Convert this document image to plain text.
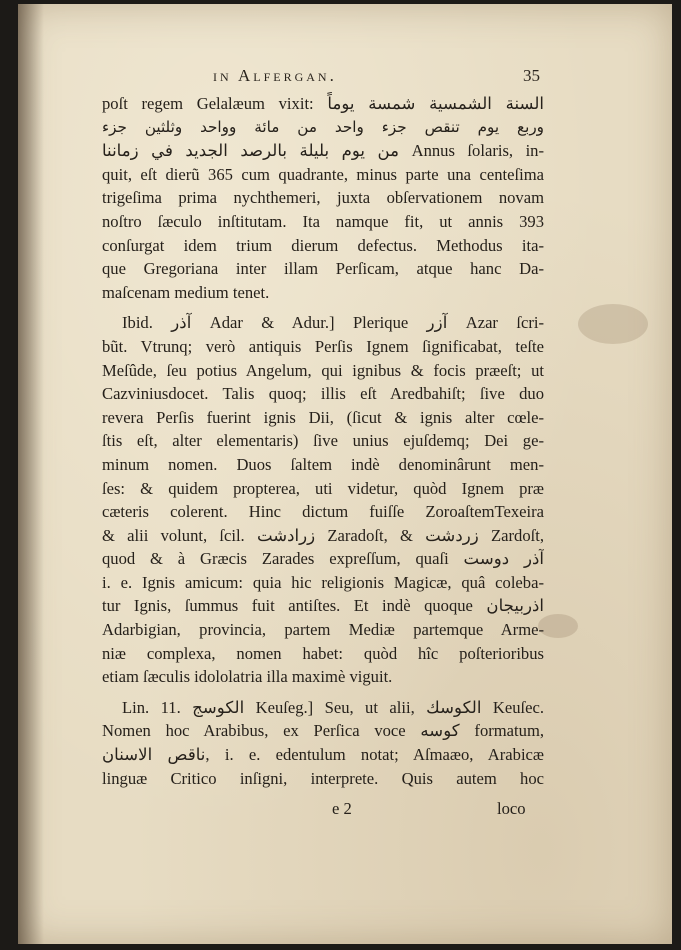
in Alfergan.	35
poſt regem Gelalæum vixit: السنة الشمسية شمسة يوماً
وربع يوم تنقص جزء واحد من مائة وواحد وثلثين جزء
من يوم بليلة بالرصد الجديد في زماننا Annus ſolaris, in-
quit, eſt dierũ 365 cum quadrante, minus parte una centeſima
trigeſima prima nychthemeri, juxta obſervationem novam
noſtro ſæculo inſtitutam. Ita namque fit, ut annis 393
conſurgat idem trium dierum defectus. Methodus ita-
que Gregoriana inter illam Perſicam, atque hanc Da-
maſcenam medium tenet.
Ibid. آذر Adar & Adur.] Plerique آزر Azar ſcri-
bũt. Vtrunq; verò antiquis Perſis Ignem ſignificabat, teſte
Meſûde, ſeu potius Angelum, qui ignibus & focis præeſt; ut
Cazviniusdocet. Talis quoq; illis eſt Aredbahiſt; ſive duo
revera Perſis fuerint ignis Dii, (ſicut & ignis alter cœle-
ſtis eſt, alter elementaris) ſive unius ejuſdemq; Dei ge-
minum nomen. Duos ſaltem indè denominârunt men-
ſes: & quidem propterea, uti videtur, quòd Ignem præ
cæteris colerent. Hinc dictum fuiſſe ZoroaſtemTexeira
& alii volunt, ſcil. زرادشت Zaradoſt, & زردشت Zardoſt,
quod & à Græcis Zarades expreſſum, quaſi آذر دوست
i. e. Ignis amicum: quia hic religionis Magicæ, quâ coleba-
tur Ignis, ſummus fuit antiſtes. Et indè quoque اذربيجان
Adarbigian, provincia, partem Mediæ partemque Arme-
niæ complexa, nomen habet: quòd hîc poſterioribus
etiam ſæculis idololatria illa maximè viguit.
Lin. 11. الكوسج Keuſeg.] Seu, ut alii, الكوسك Keuſec.
Nomen hoc Arabibus, ex Perſica voce كوسه formatum,
ناقص الاسنان, i. e. edentulum notat; Aſmaæo, Arabicæ
linguæ Critico inſigni, interprete. Quis autem hoc
e 2	loco
